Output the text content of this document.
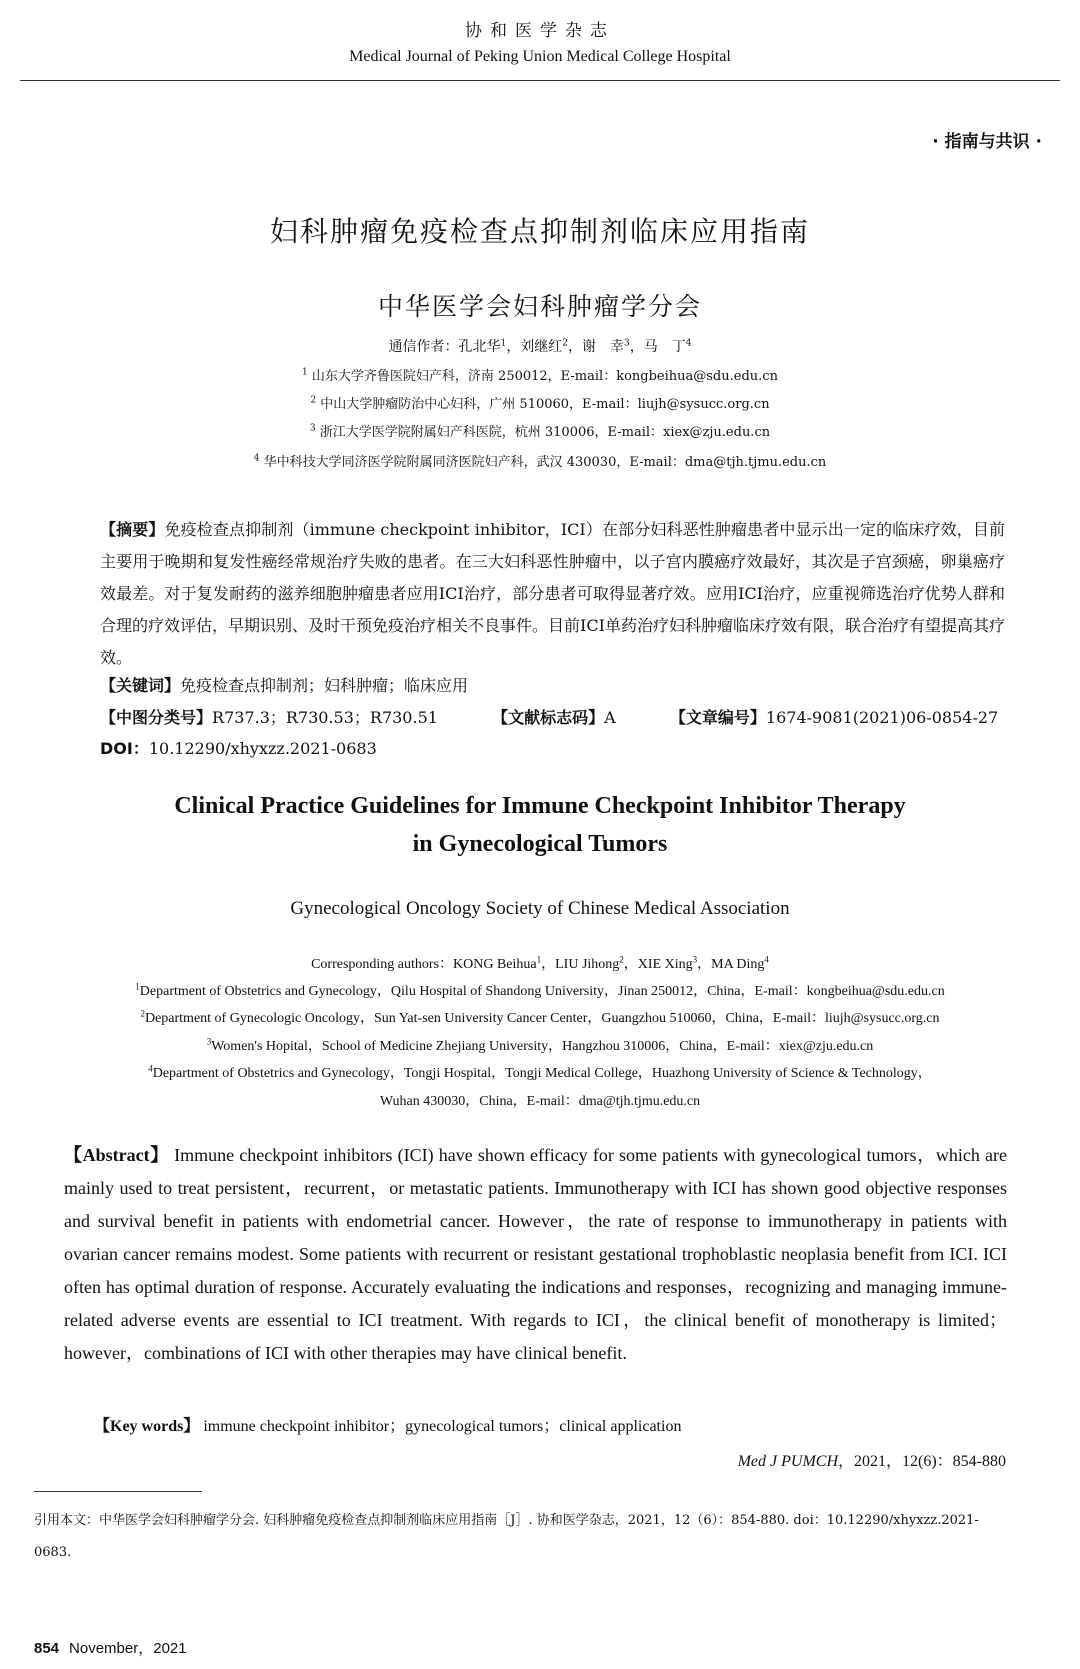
协和医学杂志
Medical Journal of Peking Union Medical College Hospital
· 指南与共识 ·
妇科肿瘤免疫检查点抑制剂临床应用指南
中华医学会妇科肿瘤学分会
通信作者：孔北华$^1$，刘继红$^2$，谢　幸$^3$，马　丁$^4$
$^1$ 山东大学齐鲁医院妇产科，济南 250012，E-mail：kongbeihua@sdu.edu.cn
$^2$ 中山大学肿瘤防治中心妇科，广州 510060，E-mail：liujh@sysucc.org.cn
$^3$ 浙江大学医学院附属妇产科医院，杭州 310006，E-mail：xiex@zju.edu.cn
$^4$ 华中科技大学同济医学院附属同济医院妇产科，武汉 430030，E-mail：dma@tjh.tjmu.edu.cn
【摘要】免疫检查点抑制剂（immune checkpoint inhibitor，ICI）在部分妇科恶性肿瘤患者中显示出一定的临床疗效，目前主要用于晚期和复发性癌经常规治疗失败的患者。在三大妇科恶性肿瘤中，以子宫内膜癌疗效最好，其次是子宫颈癌，卵巢癌疗效最差。对于复发耐药的滋养细胞肿瘤患者应用ICI治疗，部分患者可取得显著疗效。应用ICI治疗，应重视筛选治疗优势人群和合理的疗效评估，早期识别、及时干预免疫治疗相关不良事件。目前ICI单药治疗妇科肿瘤临床疗效有限，联合治疗有望提高其疗效。
【关键词】免疫检查点抑制剂；妇科肿瘤；临床应用
【中图分类号】R737.3；R730.53；R730.51	【文献标志码】A	【文章编号】1674-9081(2021)06-0854-27
DOI：10.12290/xhyxzz.2021-0683
Clinical Practice Guidelines for Immune Checkpoint Inhibitor Therapy
in Gynecological Tumors
Gynecological Oncology Society of Chinese Medical Association
Corresponding authors：KONG Beihua$^1$，LIU Jihong$^2$，XIE Xing$^3$，MA Ding$^4$
$^1$Department of Obstetrics and Gynecology，Qilu Hospital of Shandong University，Jinan 250012，China，E-mail：kongbeihua@sdu.edu.cn
$^2$Department of Gynecologic Oncology，Sun Yat-sen University Cancer Center，Guangzhou 510060，China，E-mail：liujh@sysucc.org.cn
$^3$Women's Hopital，School of Medicine Zhejiang University，Hangzhou 310006，China，E-mail：xiex@zju.edu.cn
$^4$Department of Obstetrics and Gynecology，Tongji Hospital，Tongji Medical College，Huazhong University of Science & Technology，
Wuhan 430030，China，E-mail：dma@tjh.tjmu.edu.cn
【Abstract】 Immune checkpoint inhibitors (ICI) have shown efficacy for some patients with gynecological tumors，which are mainly used to treat persistent，recurrent，or metastatic patients. Immunotherapy with ICI has shown good objective responses and survival benefit in patients with endometrial cancer. However，the rate of response to immunotherapy in patients with ovarian cancer remains modest. Some patients with recurrent or resistant gestational trophoblastic neoplasia benefit from ICI. ICI often has optimal duration of response. Accurately evaluating the indications and responses，recognizing and managing immune-related adverse events are essential to ICI treatment. With regards to ICI，the clinical benefit of monotherapy is limited；however，combinations of ICI with other therapies may have clinical benefit.
【Key words】 immune checkpoint inhibitor；gynecological tumors；clinical application
Med J PUMCH，2021，12(6)：854-880
引用本文：中华医学会妇科肿瘤学分会. 妇科肿瘤免疫检查点抑制剂临床应用指南［J］. 协和医学杂志，2021，12（6）：854-880. doi：10.12290/xhyxzz.2021-0683.
854 November，2021
